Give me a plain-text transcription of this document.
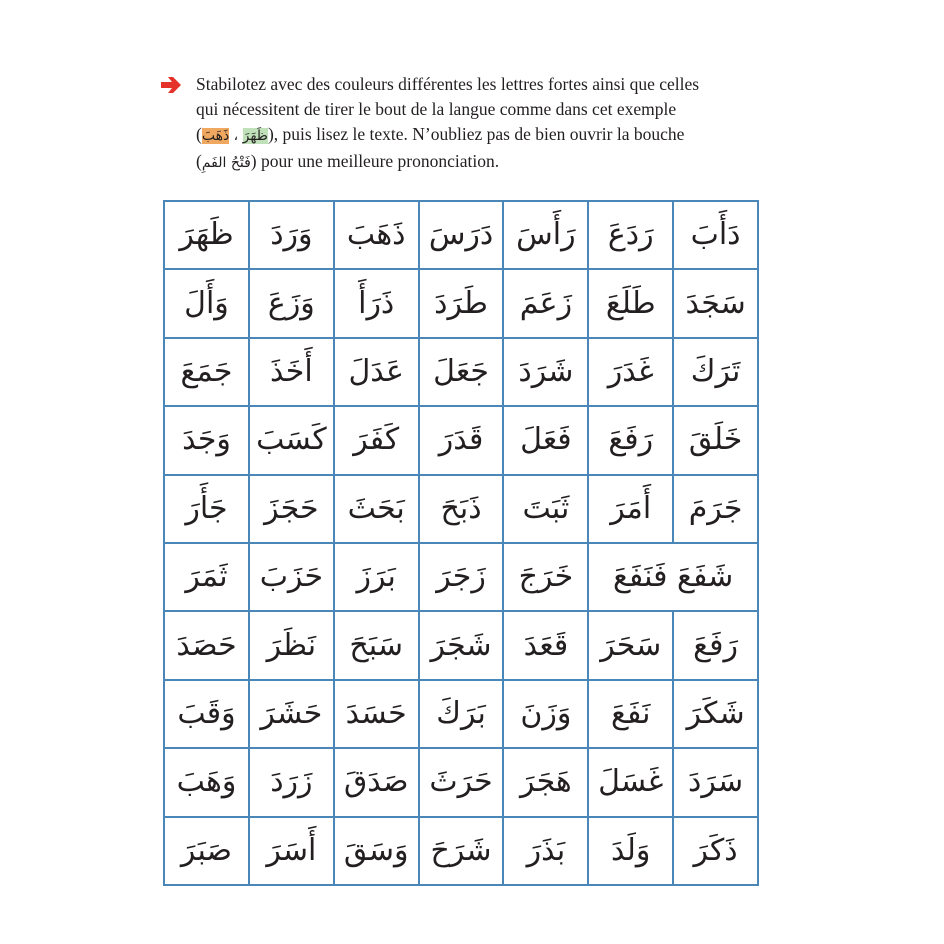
Stabilotez avec des couleurs différentes les lettres fortes ainsi que celles
qui nécessitent de tirer le bout de la langue comme dans cet exemple
(	ظَهَرَ ، ذَهَبَ ), puis lisez le texte. N’oubliez pas de bien ouvrir la bouche
(فَتْحُ الفَمِ) pour une meilleure prononciation.
دَأَبَ	رَدَعَ	رَأَسَ	دَرَسَ	ذَهَبَ	وَرَدَ	ظَهَرَ
سَجَدَ	طَلَعَ	زَعَمَ	طَرَدَ	ذَرَأَ	وَزَعَ	وَأَلَ
تَرَكَ	غَدَرَ	شَرَدَ	جَعَلَ	عَدَلَ	أَخَذَ	جَمَعَ
خَلَقَ	رَفَعَ	فَعَلَ	قَدَرَ	كَفَرَ	كَسَبَ	وَجَدَ
جَرَمَ	أَمَرَ	ثَبَتَ	ذَبَحَ	بَحَثَ	حَجَزَ	جَأَرَ
شَفَعَ فَنَفَعَ		خَرَجَ	زَجَرَ	بَرَزَ	حَزَبَ	ثَمَرَ
رَفَعَ	سَحَرَ	قَعَدَ	شَجَرَ	سَبَحَ	نَظَرَ	حَصَدَ
شَكَرَ	نَفَعَ	وَزَنَ	بَرَكَ	حَسَدَ	حَشَرَ	وَقَبَ
سَرَدَ	غَسَلَ	هَجَرَ	حَرَثَ	صَدَقَ	زَرَدَ	وَهَبَ
ذَكَرَ	وَلَدَ	بَذَرَ	شَرَحَ	وَسَقَ	أَسَرَ	صَبَرَ
